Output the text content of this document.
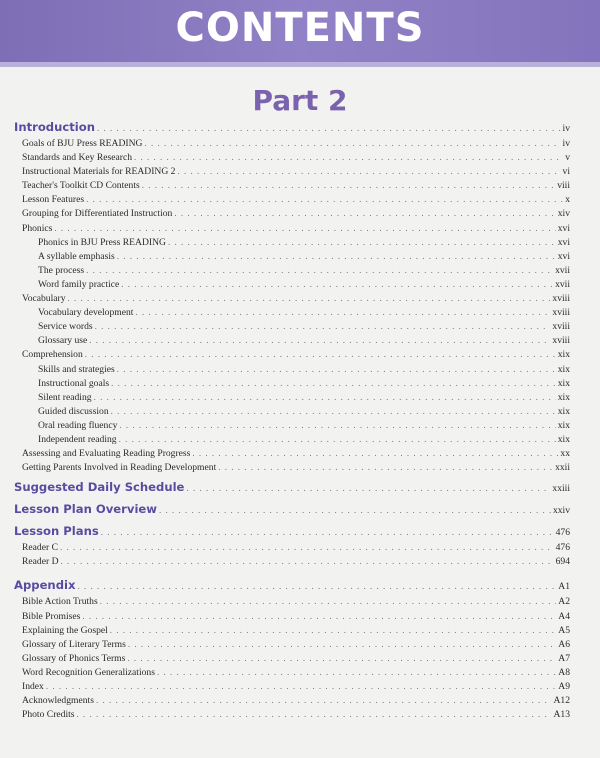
CONTENTS
Part 2
Introduction . . .	iv
Goals of BJU Press READING . . .	iv
Standards and Key Research . . .	v
Instructional Materials for READING 2 . . .	vi
Teacher's Toolkit CD Contents . . .	viii
Lesson Features . . .	x
Grouping for Differentiated Instruction . . .	xiv
Phonics . . .	xvi
Phonics in BJU Press READING . . .	xvi
A syllable emphasis . . .	xvi
The process . . .	xvii
Word family practice . . .	xvii
Vocabulary . . .	xviii
Vocabulary development . . .	xviii
Service words . . .	xviii
Glossary use . . .	xviii
Comprehension . . .	xix
Skills and strategies . . .	xix
Instructional goals . . .	xix
Silent reading . . .	xix
Guided discussion . . .	xix
Oral reading fluency . . .	xix
Independent reading . . .	xix
Assessing and Evaluating Reading Progress . . .	xx
Getting Parents Involved in Reading Development . . .	xxii
Suggested Daily Schedule . . .	xxiii
Lesson Plan Overview . . .	xxiv
Lesson Plans . . .	476
Reader C . . .	476
Reader D . . .	694
Appendix . . .	A1
Bible Action Truths . . .	A2
Bible Promises . . .	A4
Explaining the Gospel . . .	A5
Glossary of Literary Terms . . .	A6
Glossary of Phonics Terms . . .	A7
Word Recognition Generalizations . . .	A8
Index . . .	A9
Acknowledgments . . .	A12
Photo Credits . . .	A13
